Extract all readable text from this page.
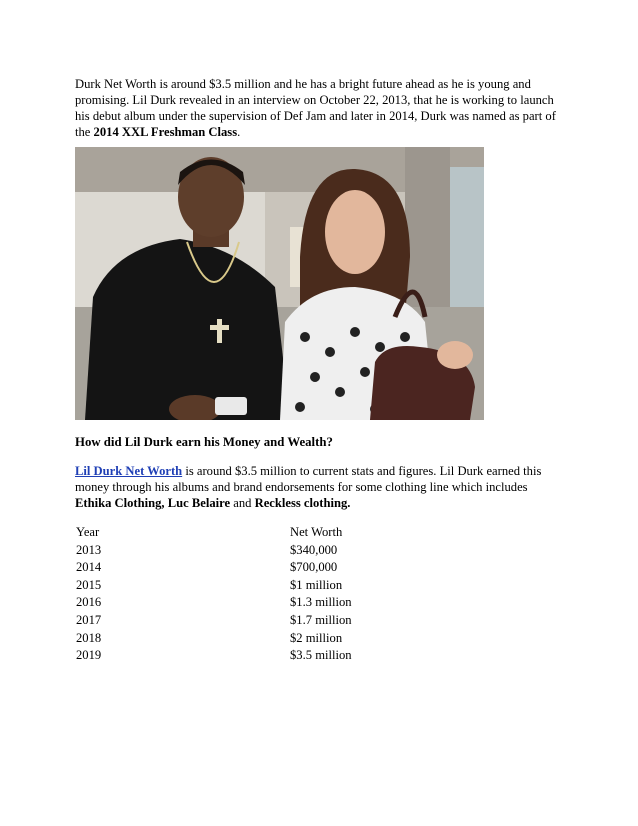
Durk Net Worth is around $3.5 million and he has a bright future ahead as he is young and promising. Lil Durk revealed in an interview on October 22, 2013, that he is working to launch his debut album under the supervision of Def Jam and later in 2014, Durk was named as part of the 2014 XXL Freshman Class.

How did Lil Durk earn his Money and Wealth?

Lil Durk Net Worth is around $3.5 million to current stats and figures. Lil Durk earned this money through his albums and brand endorsements for some clothing line which includes Ethika Clothing, Luc Belaire and Reckless clothing.

Year	Net Worth
2013	$340,000
2014	$700,000
2015	$1 million
2016	$1.3 million
2017	$1.7 million
2018	$2 million
2019	$3.5 million
